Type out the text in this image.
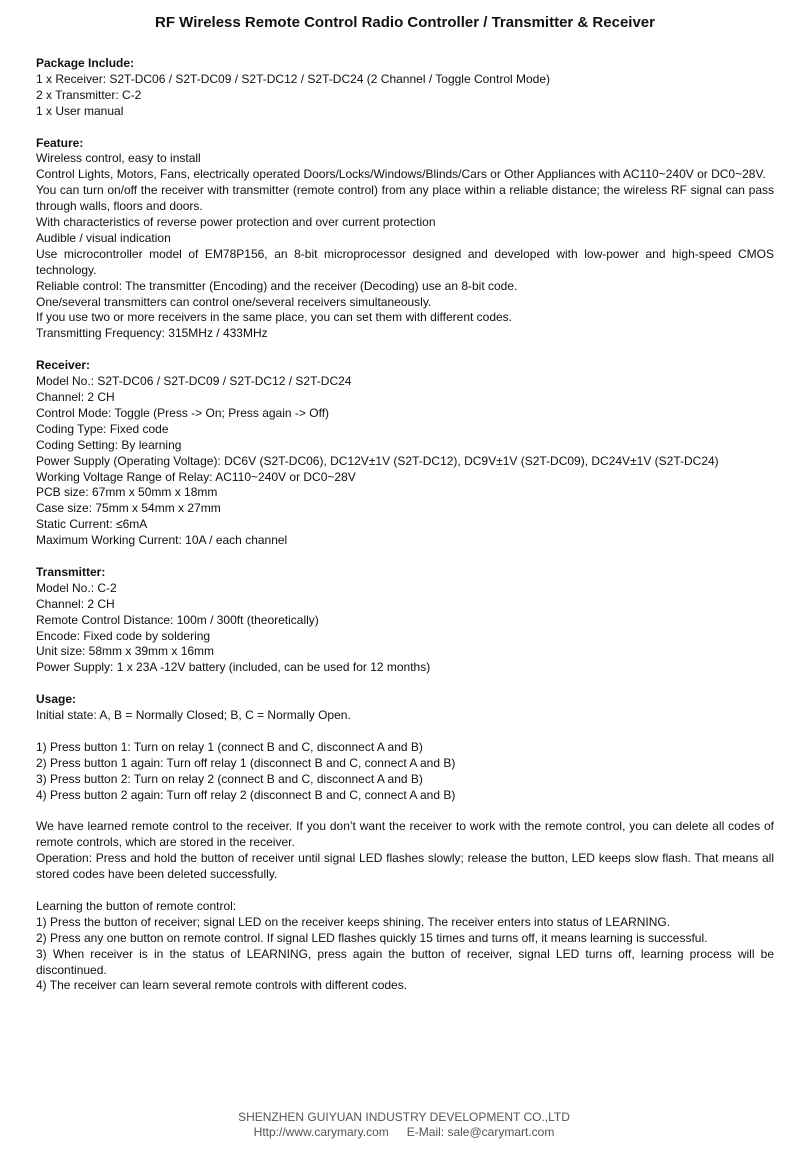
RF Wireless Remote Control Radio Controller / Transmitter & Receiver
Package Include:
1 x Receiver: S2T-DC06 / S2T-DC09 / S2T-DC12 / S2T-DC24 (2 Channel / Toggle Control Mode)
2 x Transmitter: C-2
1 x User manual
Feature:
Wireless control, easy to install
Control Lights, Motors, Fans, electrically operated Doors/Locks/Windows/Blinds/Cars or Other Appliances with AC110~240V or DC0~28V.
You can turn on/off the receiver with transmitter (remote control) from any place within a reliable distance; the wireless RF signal can pass through walls, floors and doors.
With characteristics of reverse power protection and over current protection
Audible / visual indication
Use microcontroller model of EM78P156, an 8-bit microprocessor designed and developed with low-power and high-speed CMOS technology.
Reliable control: The transmitter (Encoding) and the receiver (Decoding) use an 8-bit code.
One/several transmitters can control one/several receivers simultaneously.
If you use two or more receivers in the same place, you can set them with different codes.
Transmitting Frequency: 315MHz / 433MHz
Receiver:
Model No.: S2T-DC06 / S2T-DC09 / S2T-DC12 / S2T-DC24
Channel: 2 CH
Control Mode: Toggle (Press -> On; Press again -> Off)
Coding Type: Fixed code
Coding Setting: By learning
Power Supply (Operating Voltage): DC6V (S2T-DC06), DC12V±1V (S2T-DC12), DC9V±1V (S2T-DC09), DC24V±1V (S2T-DC24)
Working Voltage Range of Relay: AC110~240V or DC0~28V
PCB size: 67mm x 50mm x 18mm
Case size: 75mm x 54mm x 27mm
Static Current: ≤6mA
Maximum Working Current: 10A / each channel
Transmitter:
Model No.: C-2
Channel: 2 CH
Remote Control Distance: 100m / 300ft (theoretically)
Encode: Fixed code by soldering
Unit size: 58mm x 39mm x 16mm
Power Supply: 1 x 23A -12V battery (included, can be used for 12 months)
Usage:
Initial state: A, B = Normally Closed; B, C = Normally Open.
1) Press button 1: Turn on relay 1 (connect B and C, disconnect A and B)
2) Press button 1 again: Turn off relay 1 (disconnect B and C, connect A and B)
3) Press button 2: Turn on relay 2 (connect B and C, disconnect A and B)
4) Press button 2 again: Turn off relay 2 (disconnect B and C, connect A and B)
We have learned remote control to the receiver. If you don’t want the receiver to work with the remote control, you can delete all codes of remote controls, which are stored in the receiver.
Operation: Press and hold the button of receiver until signal LED flashes slowly; release the button, LED keeps slow flash. That means all stored codes have been deleted successfully.
Learning the button of remote control:
1) Press the button of receiver; signal LED on the receiver keeps shining. The receiver enters into status of LEARNING.
2) Press any one button on remote control. If signal LED flashes quickly 15 times and turns off, it means learning is successful.
3) When receiver is in the status of LEARNING, press again the button of receiver, signal LED turns off, learning process will be discontinued.
4) The receiver can learn several remote controls with different codes.
SHENZHEN GUIYUAN INDUSTRY DEVELOPMENT CO.,LTD
Http://www.carymary.com E-Mail: sale@carymart.com
